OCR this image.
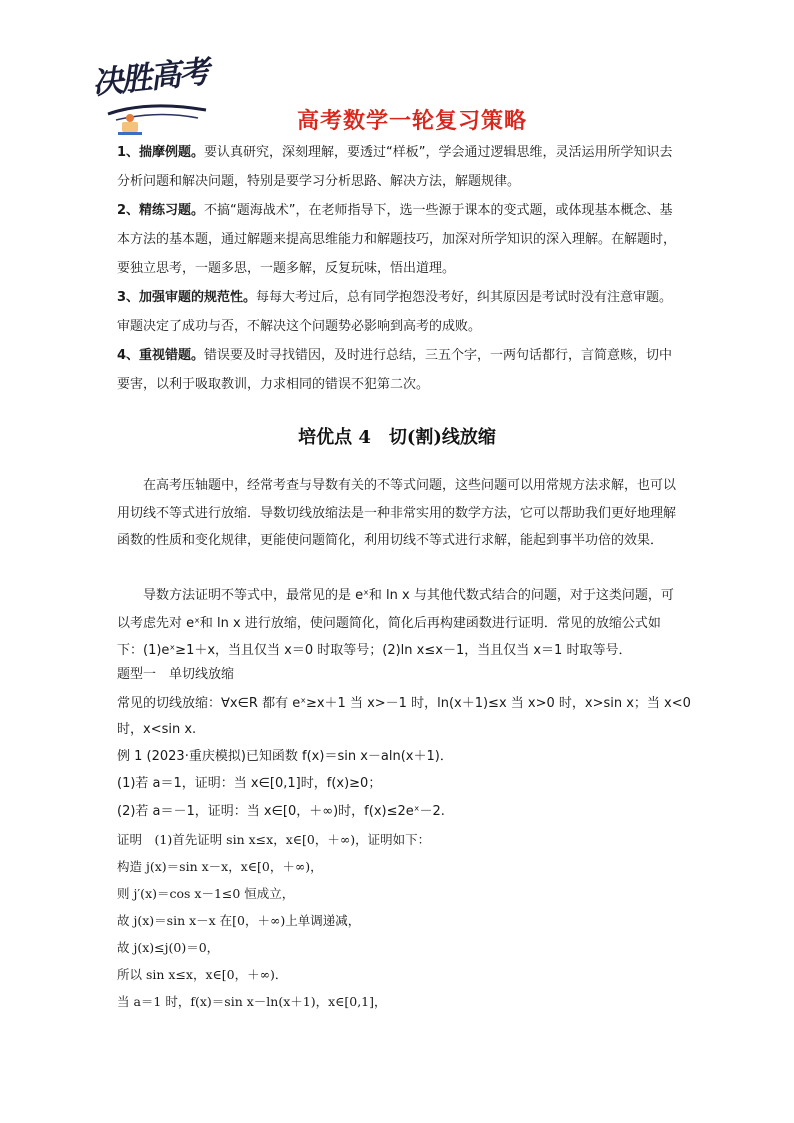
决胜高考
高考数学一轮复习策略
1、揣摩例题。要认真研究，深刻理解，要透过“样板”，学会通过逻辑思维，灵活运用所学知识去分析问题和解决问题，特别是要学习分析思路、解决方法，解题规律。
2、精练习题。不搞“题海战术”，在老师指导下，选一些源于课本的变式题，或体现基本概念、基本方法的基本题，通过解题来提高思维能力和解题技巧，加深对所学知识的深入理解。在解题时，要独立思考，一题多思，一题多解，反复玩味，悟出道理。
3、加强审题的规范性。每每大考过后，总有同学抱怨没考好，纠其原因是考试时没有注意审题。审题决定了成功与否，不解决这个问题势必影响到高考的成败。
4、重视错题。错误要及时寻找错因，及时进行总结，三五个字，一两句话都行，言简意赅，切中要害，以利于吸取教训，力求相同的错误不犯第二次。
培优点 4　切(割)线放缩
在高考压轴题中，经常考查与导数有关的不等式问题，这些问题可以用常规方法求解，也可以用切线不等式进行放缩．导数切线放缩法是一种非常实用的数学方法，它可以帮助我们更好地理解函数的性质和变化规律，更能使问题简化，利用切线不等式进行求解，能起到事半功倍的效果．
导数方法证明不等式中，最常见的是 eˣ和 ln x 与其他代数式结合的问题，对于这类问题，可以考虑先对 eˣ和 ln x 进行放缩，使问题简化，简化后再构建函数进行证明．常见的放缩公式如下：(1)eˣ≥1＋x，当且仅当 x＝0 时取等号；(2)ln x≤x－1，当且仅当 x＝1 时取等号．
题型一　单切线放缩
常见的切线放缩：∀x∈R 都有 eˣ≥x＋1 当 x>－1 时，ln(x＋1)≤x 当 x>0 时，x>sin x；当 x<0
时，x<sin x.
例 1 (2023·重庆模拟)已知函数 f(x)＝sin x－aln(x＋1)．
(1)若 a＝1，证明：当 x∈[0,1]时，f(x)≥0；
(2)若 a＝－1，证明：当 x∈[0，＋∞)时，f(x)≤2eˣ－2.
证明　(1)首先证明 sin x≤x，x∈[0，＋∞)，证明如下：
构造 j(x)＝sin x－x，x∈[0，＋∞)，
则 j′(x)＝cos x－1≤0 恒成立，
故 j(x)＝sin x－x 在[0，＋∞)上单调递减，
故 j(x)≤j(0)＝0，
所以 sin x≤x，x∈[0，＋∞)．
当 a＝1 时，f(x)＝sin x－ln(x＋1)，x∈[0,1]，
